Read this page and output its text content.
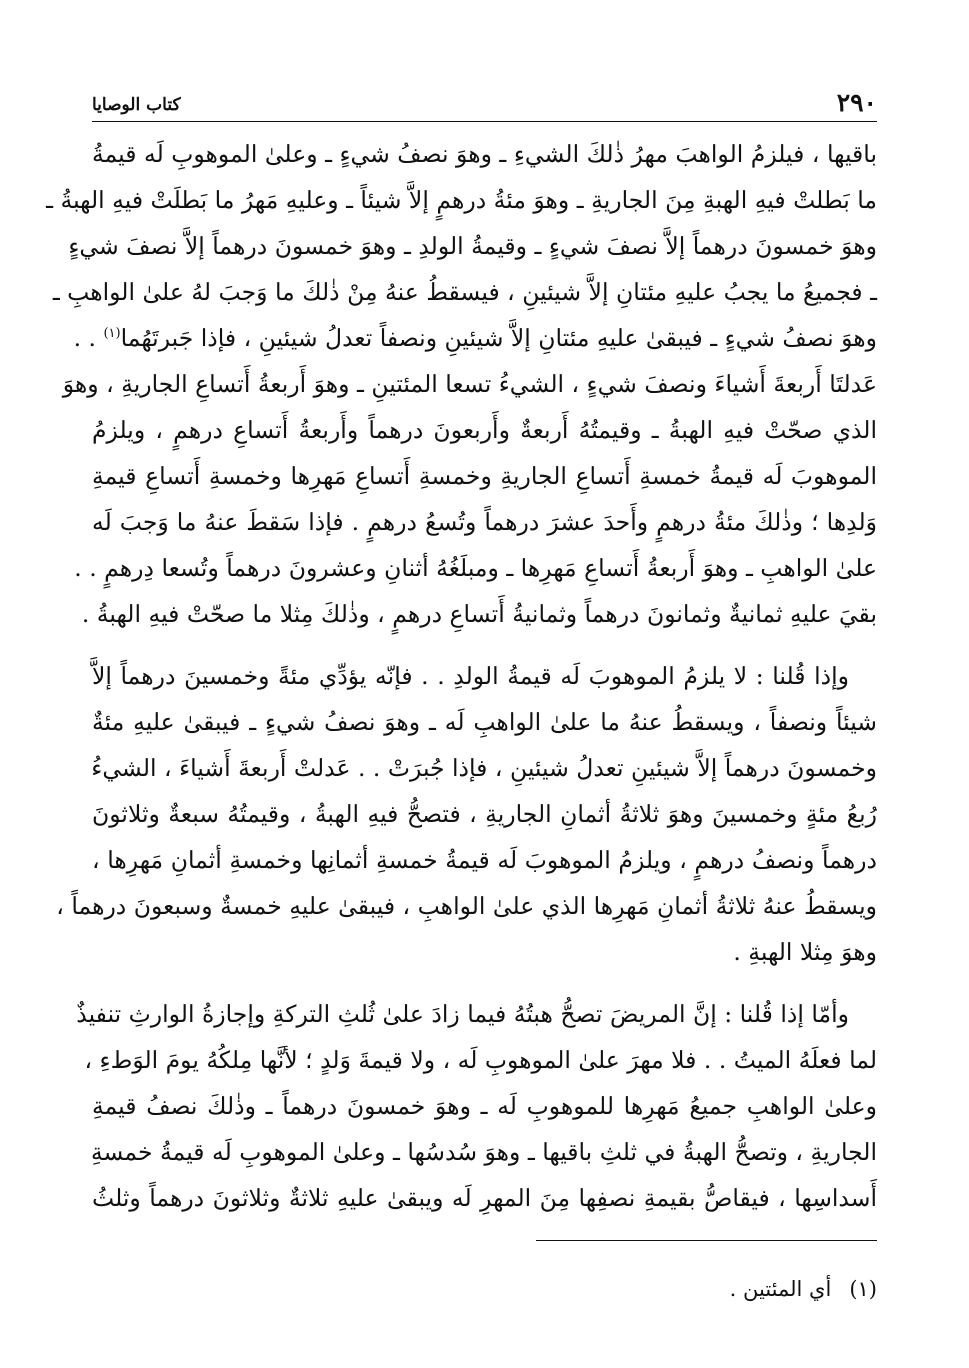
٢٩٠
كتاب الوصايا
باقيها ، فيلزمُ الواهبَ مهرُ ذٰلكَ الشيءِ ـ وهوَ نصفُ شيءٍ ـ وعلىٰ الموهوبِ لَه قيمةُ
ما بَطلتْ فيهِ الهبةِ مِنَ الجاريةِ ـ وهوَ مئةُ درهمٍ إلاَّ شيئاً ـ وعليهِ مَهرُ ما بَطلَتْ فيهِ الهبةُ ـ
وهوَ خمسونَ درهماً إلاَّ نصفَ شيءٍ ـ وقيمةُ الولدِ ـ وهوَ خمسونَ درهماً إلاَّ نصفَ شيءٍ
ـ فجميعُ ما يجبُ عليهِ مئتانِ إلاَّ شيئينِ ، فيسقطُ عنهُ مِنْ ذٰلكَ ما وَجبَ لهُ علىٰ الواهبِ ـ
وهوَ نصفُ شيءٍ ـ فيبقىٰ عليهِ مئتانِ إلاَّ شيئينِ ونصفاً تعدلُ شيئينِ ، فإذا جَبرتَهُما$^{(١)}$ . .
عَدلتَا أَربعةَ أَشياءَ ونصفَ شيءٍ ، الشيءُ تسعا المئتينِ ـ وهوَ أَربعةُ أَتساعِ الجاريةِ ، وهوَ
الذي صحّتْ فيهِ الهبةُ ـ وقيمتُهُ أَربعةٌ وأَربعونَ درهماً وأَربعةُ أَتساعِ درهمٍ ، ويلزمُ
الموهوبَ لَه قيمةُ خمسةِ أَتساعِ الجاريةِ وخمسةِ أَتساعِ مَهرِها وخمسةِ أَتساعِ قيمةِ
وَلدِها ؛ وذٰلكَ مئةُ درهمٍ وأَحدَ عشرَ درهماً وتُسعُ درهمٍ . فإذا سَقطَ عنهُ ما وَجبَ لَه
علىٰ الواهبِ ـ وهوَ أَربعةُ أَتساعِ مَهرِها ـ ومبلَغُهُ أثنانِ وعشرونَ درهماً وتُسعا دِرهمٍ . .
بقيَ عليهِ ثمانيةٌ وثمانونَ درهماً وثمانيةُ أَتساعِ درهمٍ ، وذٰلكَ مِثلا ما صحّتْ فيهِ الهبةُ .
وإذا قُلنا : لا يلزمُ الموهوبَ لَه قيمةُ الولدِ . . فإنّه يؤدِّي مئةً وخمسينَ درهماً إلاَّ
شيئاً ونصفاً ، ويسقطُ عنهُ ما علىٰ الواهبِ لَه ـ وهوَ نصفُ شيءٍ ـ فيبقىٰ عليهِ مئةٌ
وخمسونَ درهماً إلاَّ شيئينِ تعدلُ شيئينِ ، فإذا جُبرَتْ . . عَدلتْ أَربعةَ أَشياءَ ، الشيءُ
رُبعُ مئةٍ وخمسينَ وهوَ ثلاثةُ أثمانِ الجاريةِ ، فتصحُّ فيهِ الهبةُ ، وقيمتُهُ سبعةٌ وثلاثونَ
درهماً ونصفُ درهمٍ ، ويلزمُ الموهوبَ لَه قيمةُ خمسةِ أثمانِها وخمسةِ أثمانِ مَهرِها ،
ويسقطُ عنهُ ثلاثةُ أثمانِ مَهرِها الذي علىٰ الواهبِ ، فيبقىٰ عليهِ خمسةٌ وسبعونَ درهماً ،
وهوَ مِثلا الهبةِ .
وأمّا إذا قُلنا : إنَّ المريضَ تصحُّ هبتُهُ فيما زادَ علىٰ ثُلثِ التركةِ وإجازةُ الوارثِ تنفيذٌ
لما فعلَهُ الميتُ . . فلا مهرَ علىٰ الموهوبِ لَه ، ولا قيمةَ وَلدٍ ؛ لأنَّها مِلكُهُ يومَ الوَطءِ ،
وعلىٰ الواهبِ جميعُ مَهرِها للموهوبِ لَه ـ وهوَ خمسونَ درهماً ـ وذٰلكَ نصفُ قيمةِ
الجاريةِ ، وتصحُّ الهبةُ في ثلثِ باقيها ـ وهوَ سُدسُها ـ وعلىٰ الموهوبِ لَه قيمةُ خمسةِ
أَسداسِها ، فيقاصُّ بقيمةِ نصفِها مِنَ المهرِ لَه ويبقىٰ عليهِ ثلاثةٌ وثلاثونَ درهماً وثلثُ
(١)أي المئتين .
